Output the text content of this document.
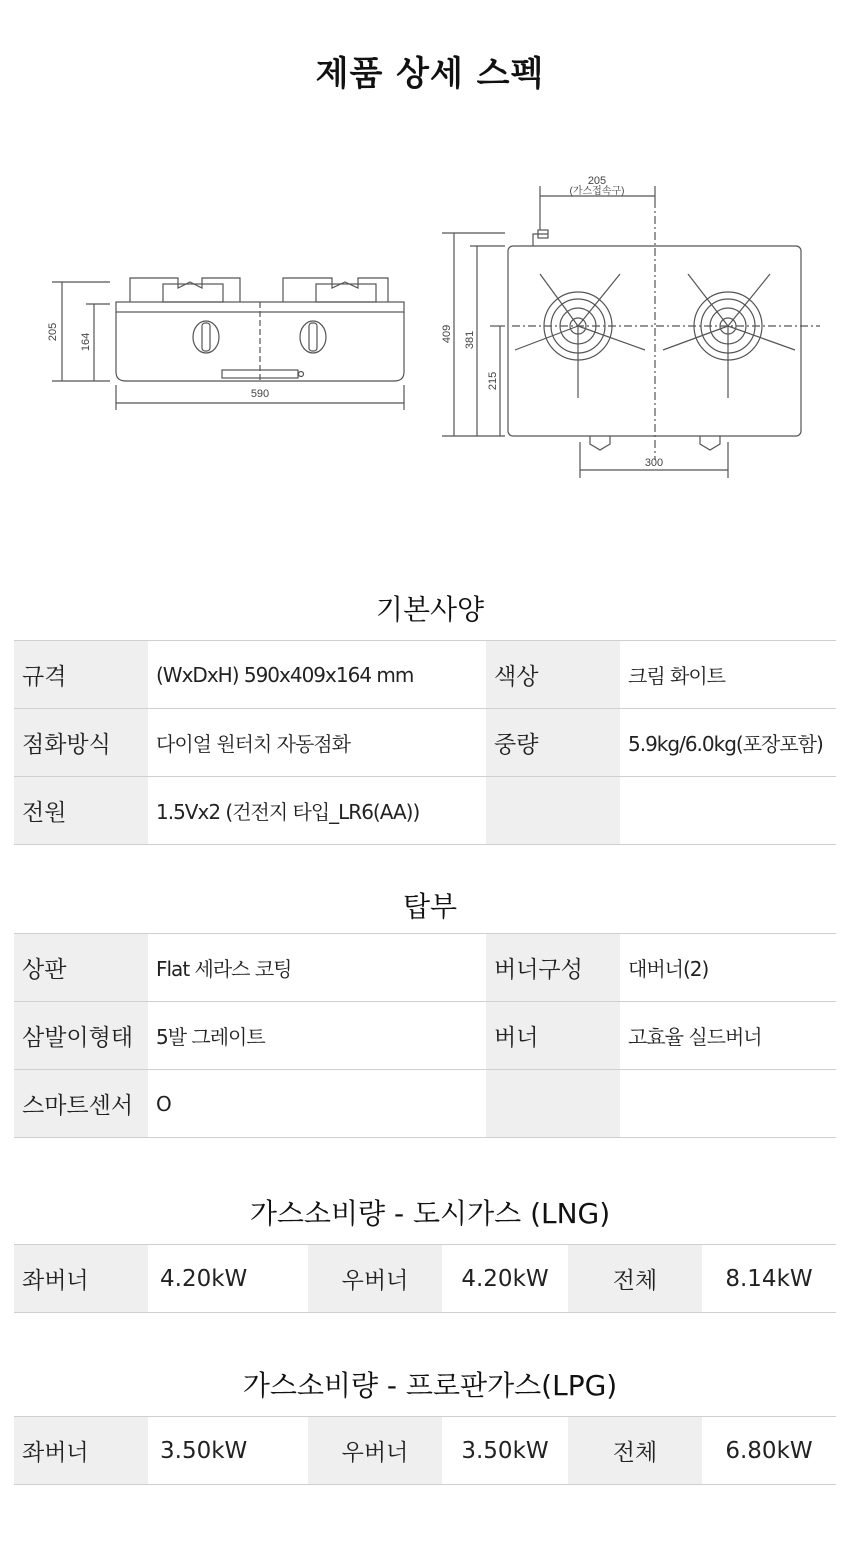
제품 상세 스펙
590
205
164
205
(가스접속구)
409 381
215
300
기본사양
규격	(WxDxH) 590x409x164 mm	색상	크림 화이트
점화방식	다이얼 원터치 자동점화	중량	5.9kg/6.0kg(포장포함)
전원	1.5Vx2 (건전지 타입_LR6(AA))		
탑부
상판	Flat 세라스 코팅	버너구성	대버너(2)
삼발이형태	5발 그레이트	버너	고효율 실드버너
스마트센서	O		
가스소비량 - 도시가스 (LNG)
좌버너	4.20kW	우버너	4.20kW	전체	8.14kW
가스소비량 - 프로판가스(LPG)
좌버너	3.50kW	우버너	3.50kW	전체	6.80kW
